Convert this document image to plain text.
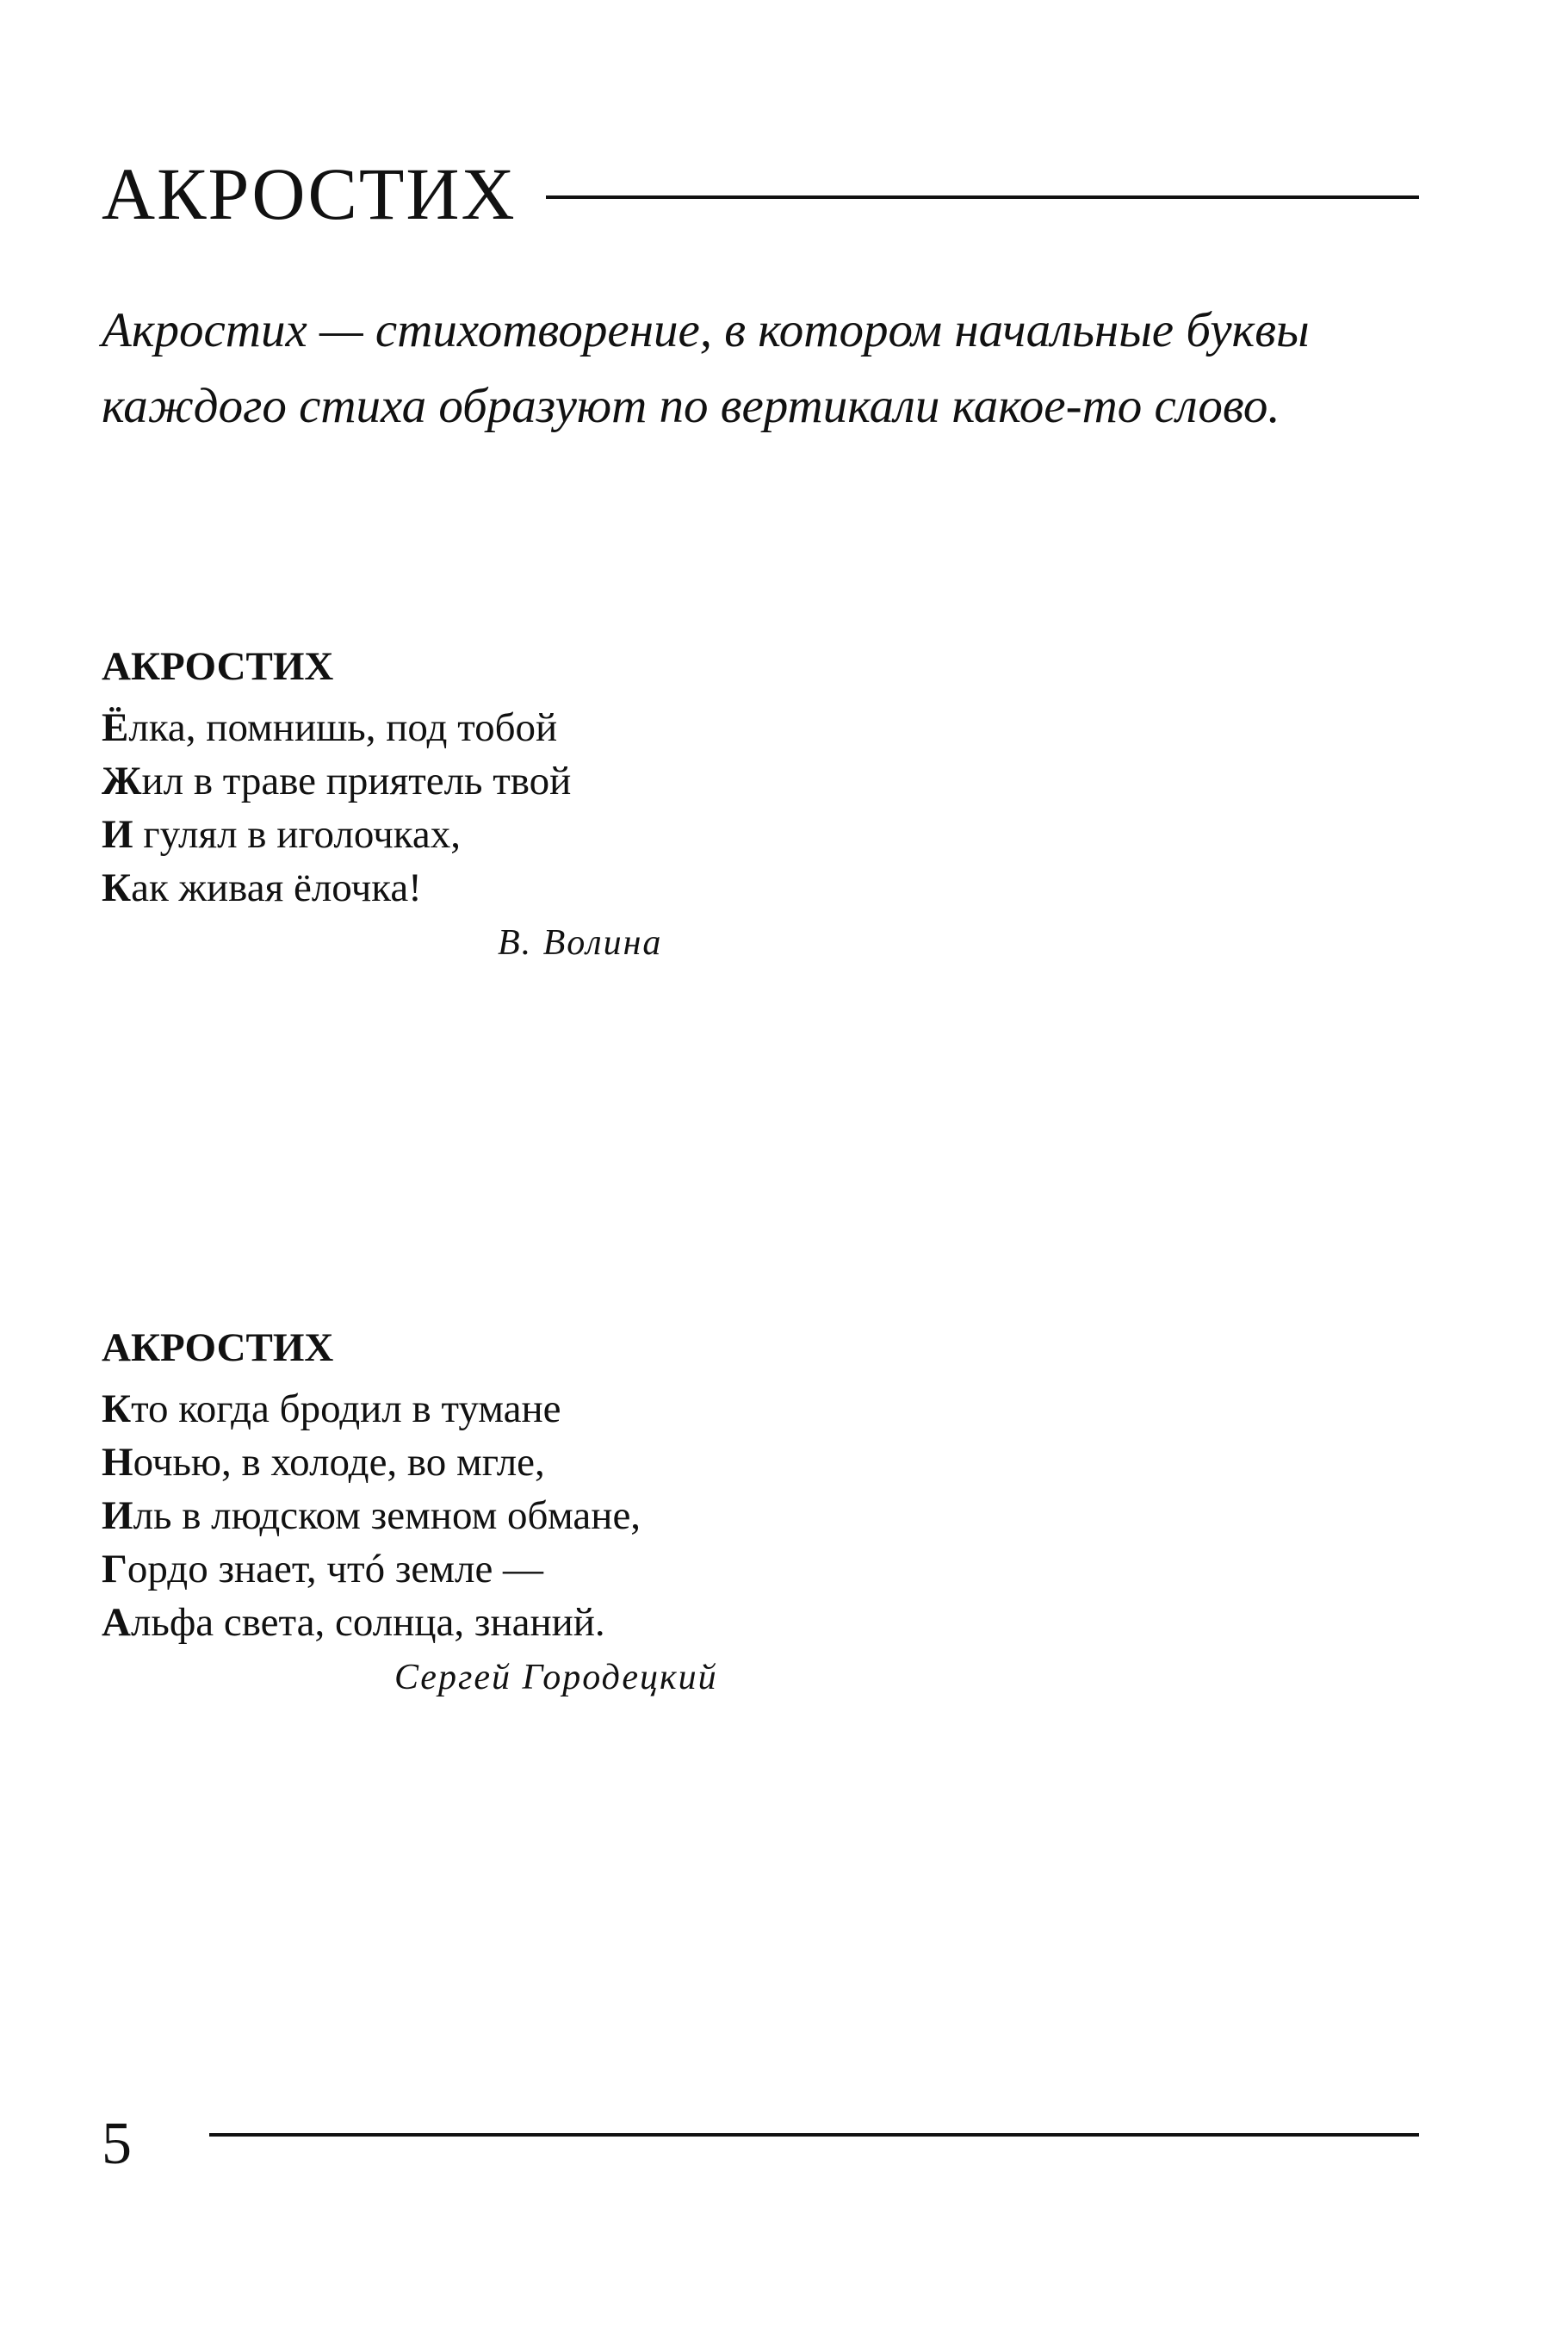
АКРОСТИХ

Акростих — стихотворение, в котором начальные буквы

каждого стиха образуют по вертикали какое-то слово.

АКРОСТИХ
Ёлка, помнишь, под тобой
Жил в траве приятель твой
И гулял в иголочках,
Как живая ёлочка!
В. Волина
АКРОСТИХ
Кто когда бродил в тумане
Ночью, в холоде, во мгле,
Иль в людском земном обмане,
Гордо знает, чтó земле —
Альфа света, солнца, знаний.
Сергей Городецкий
5
